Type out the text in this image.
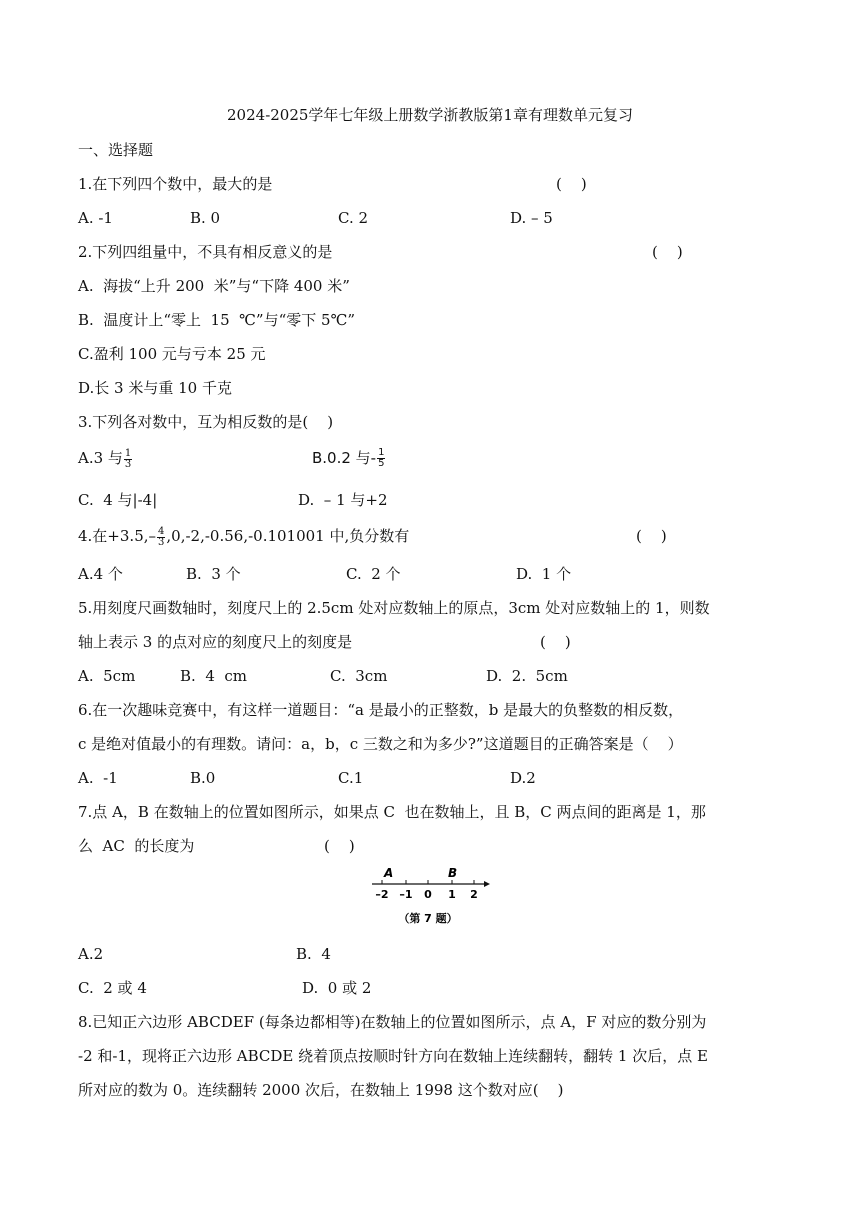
2024-2025学年七年级上册数学浙教版第1章有理数单元复习
一、选择题
1.在下列四个数中，最大的是	(    )
A. -1	B. 0	C. 2	D. – 5
2.下列四组量中，不具有相反意义的是	(    )
A.  海拔“上升 200  米”与“下降 400 米”
B.  温度计上“零上  15  ℃”与“零下 5℃”
C.盈利 100 元与亏本 25 元
D.长 3 米与重 10 千克
3.下列各对数中，互为相反数的是(    )
A.3 与 $\frac{1}{3}$	B.0.2 与- $\frac{1}{5}$
C.  4 与|-4|	D.  – 1 与+2
4.在$+3.5,- \frac{4}{3} ,0,-2,-0.56,-0.101001$ 中,负分数有	(    )
A.4 个	B.  3 个	C.  2 个	D.  1 个
5.用刻度尺画数轴时，刻度尺上的 2.5cm 处对应数轴上的原点，3cm 处对应数轴上的 1，则数
轴上表示 3 的点对应的刻度尺上的刻度是	(    )
A.  5cm	B.  4  cm	C.  3cm	D.  2.  5cm
6.在一次趣味竞赛中，有这样一道题目：“a 是最小的正整数，b 是最大的负整数的相反数，
c 是绝对值最小的有理数。请问：a，b，c 三数之和为多少?”这道题目的正确答案是（    ）
A.  -1	B.0	C.1	D.2
7.点 A，B 在数轴上的位置如图所示，如果点 C  也在数轴上，且 B，C 两点间的距离是 1，那
么  AC  的长度为	(    )
A	B
–2 –1 0 1 2
（第 7 题）
A.2	B.  4
C.  2 或 4	D.  0 或 2
8.已知正六边形 ABCDEF (每条边都相等)在数轴上的位置如图所示，点 A，F 对应的数分别为
-2 和-1，现将正六边形 ABCDE 绕着顶点按顺时针方向在数轴上连续翻转，翻转 1 次后，点 E
所对应的数为 0。连续翻转 2000 次后，在数轴上 1998 这个数对应(    )
